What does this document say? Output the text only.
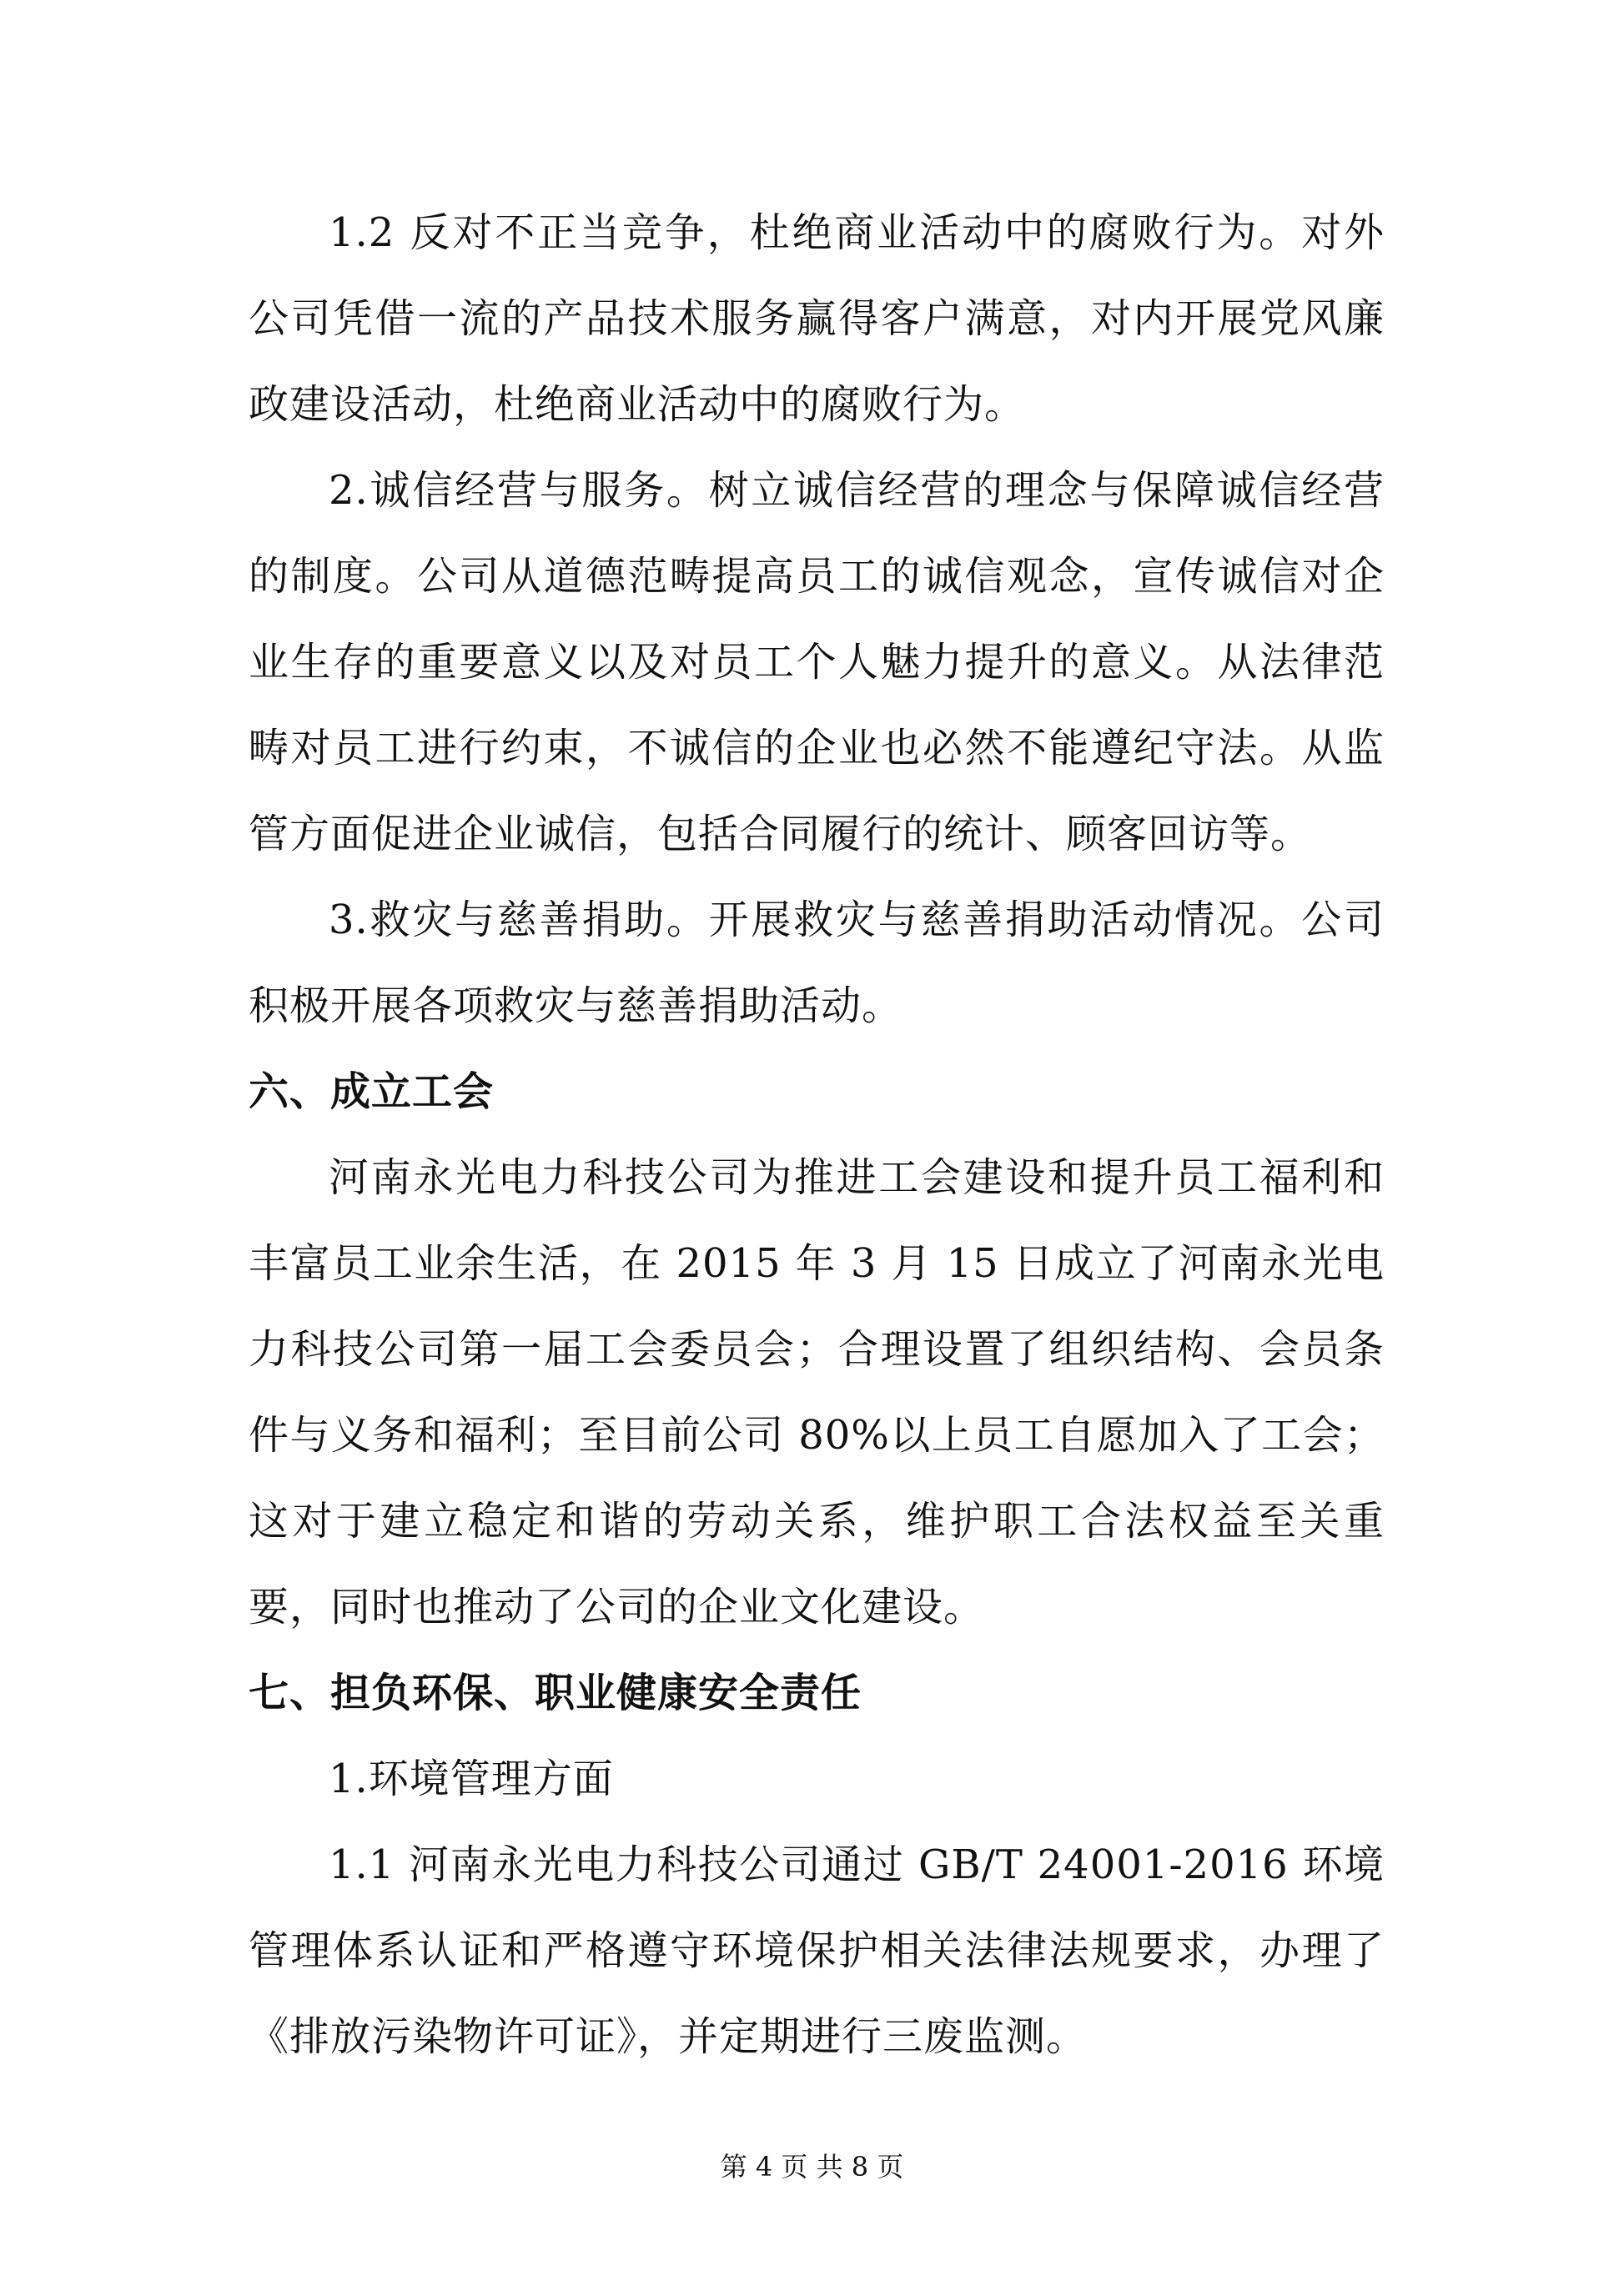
1.2 反对不正当竞争，杜绝商业活动中的腐败行为。对外公司凭借一流的产品技术服务赢得客户满意，对内开展党风廉政建设活动，杜绝商业活动中的腐败行为。

2.诚信经营与服务。树立诚信经营的理念与保障诚信经营的制度。公司从道德范畴提高员工的诚信观念，宣传诚信对企业生存的重要意义以及对员工个人魅力提升的意义。从法律范畴对员工进行约束，不诚信的企业也必然不能遵纪守法。从监管方面促进企业诚信，包括合同履行的统计、顾客回访等。

3.救灾与慈善捐助。开展救灾与慈善捐助活动情况。公司积极开展各项救灾与慈善捐助活动。

六、成立工会

河南永光电力科技公司为推进工会建设和提升员工福利和丰富员工业余生活，在 2015 年 3 月 15 日成立了河南永光电力科技公司第一届工会委员会；合理设置了组织结构、会员条件与义务和福利；至目前公司 80%以上员工自愿加入了工会；这对于建立稳定和谐的劳动关系，维护职工合法权益至关重要，同时也推动了公司的企业文化建设。

七、担负环保、职业健康安全责任

1.环境管理方面

1.1 河南永光电力科技公司通过 GB/T 24001-2016 环境管理体系认证和严格遵守环境保护相关法律法规要求，办理了《排放污染物许可证》，并定期进行三废监测。

第 4 页 共 8 页
